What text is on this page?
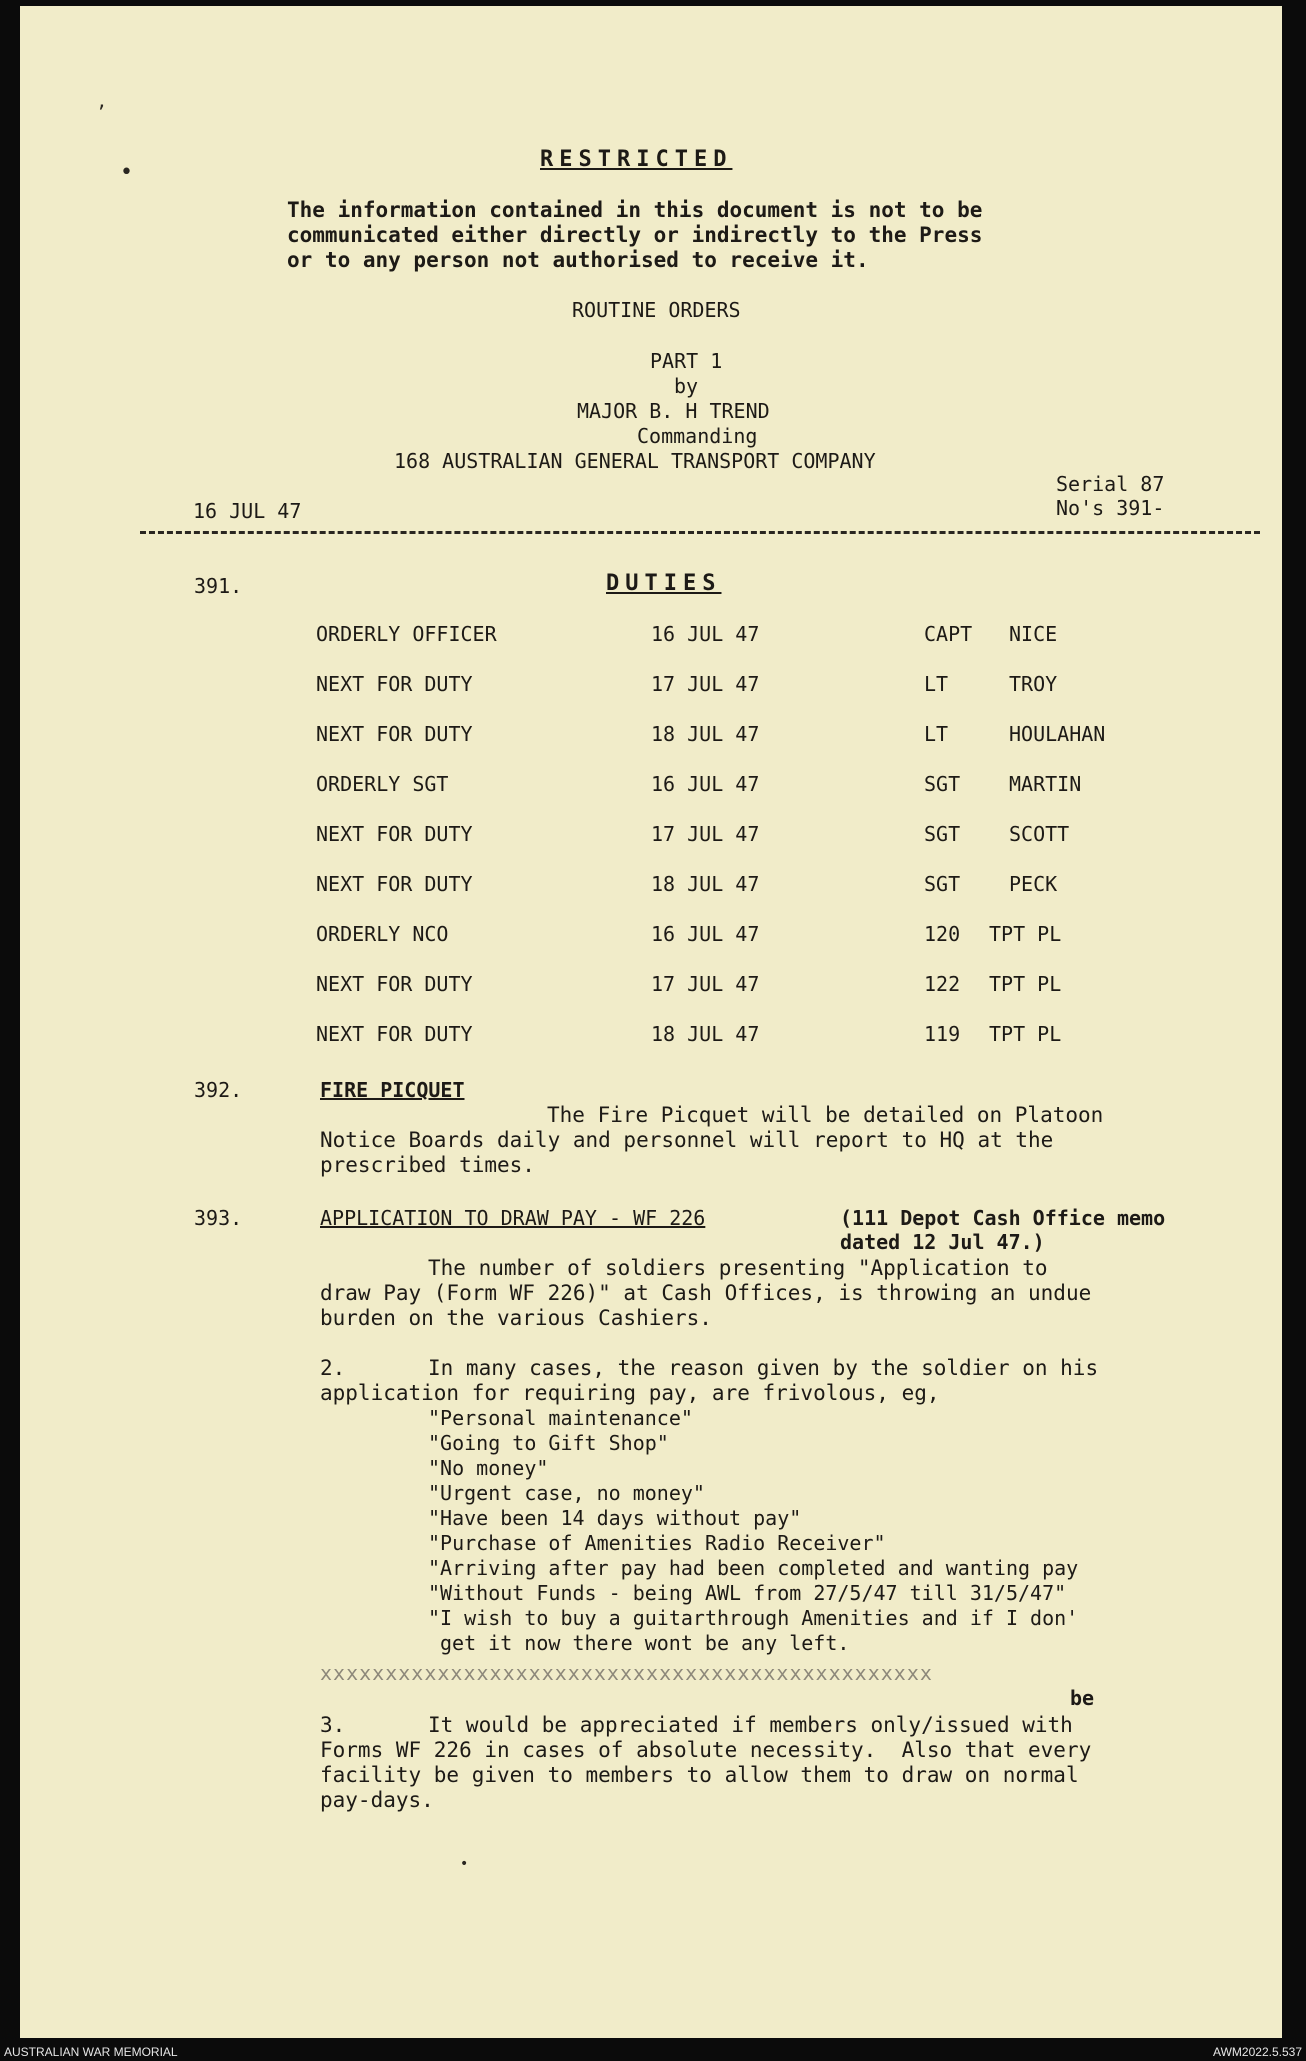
’
•
RESTRICTED
The information contained in this document is not to be
communicated either directly or indirectly to the Press
or to any person not authorised to receive it.
ROUTINE ORDERS
PART 1
by
MAJOR B. H TREND
Commanding
168 AUSTRALIAN GENERAL TRANSPORT COMPANY
16 JUL 47
Serial 87
No's 391-
391.	DUTIES
ORDERLY OFFICER	16 JUL 47	CAPT NICE
NEXT FOR DUTY	17 JUL 47	LT	TROY
NEXT FOR DUTY	18 JUL 47	LT	HOULAHAN
ORDERLY SGT	16 JUL 47	SGT MARTIN
NEXT FOR DUTY	17 JUL 47	SGT SCOTT
NEXT FOR DUTY	18 JUL 47	SGT PECK
ORDERLY NCO	16 JUL 47	120 TPT PL
NEXT FOR DUTY	17 JUL 47	122 TPT PL
NEXT FOR DUTY	18 JUL 47	119 TPT PL
392.	FIRE PICQUET
The Fire Picquet will be detailed on Platoon
Notice Boards daily and personnel will report to HQ at the
prescribed times.
393.	APPLICATION TO DRAW PAY - WF 226	(111 Depot Cash Office memo
dated 12 Jul 47.)
The number of soldiers presenting "Application to
draw Pay (Form WF 226)" at Cash Offices, is throwing an undue
burden on the various Cashiers.
2.	In many cases, the reason given by the soldier on his
application for requiring pay, are frivolous, eg,
"Personal maintenance"
"Going to Gift Shop"
"No money"
"Urgent case, no money"
"Have been 14 days without pay"
"Purchase of Amenities Radio Receiver"
"Arriving after pay had been completed and wanting pay
"Without Funds - being AWL from 27/5/47 till 31/5/47"
"I wish to buy a guitarthrough Amenities and if I don'
get it now there wont be any left.
xxxxxxxxxxxxxxxxxxxxxxxxxxxxxxxxxxxxxxxxxxxxxxx
be
3.	It would be appreciated if members only/issued with
Forms WF 226 in cases of absolute necessity.  Also that every
facility be given to members to allow them to draw on normal
pay-days.
•
AUSTRALIAN WAR MEMORIAL	AWM2022.5.537
